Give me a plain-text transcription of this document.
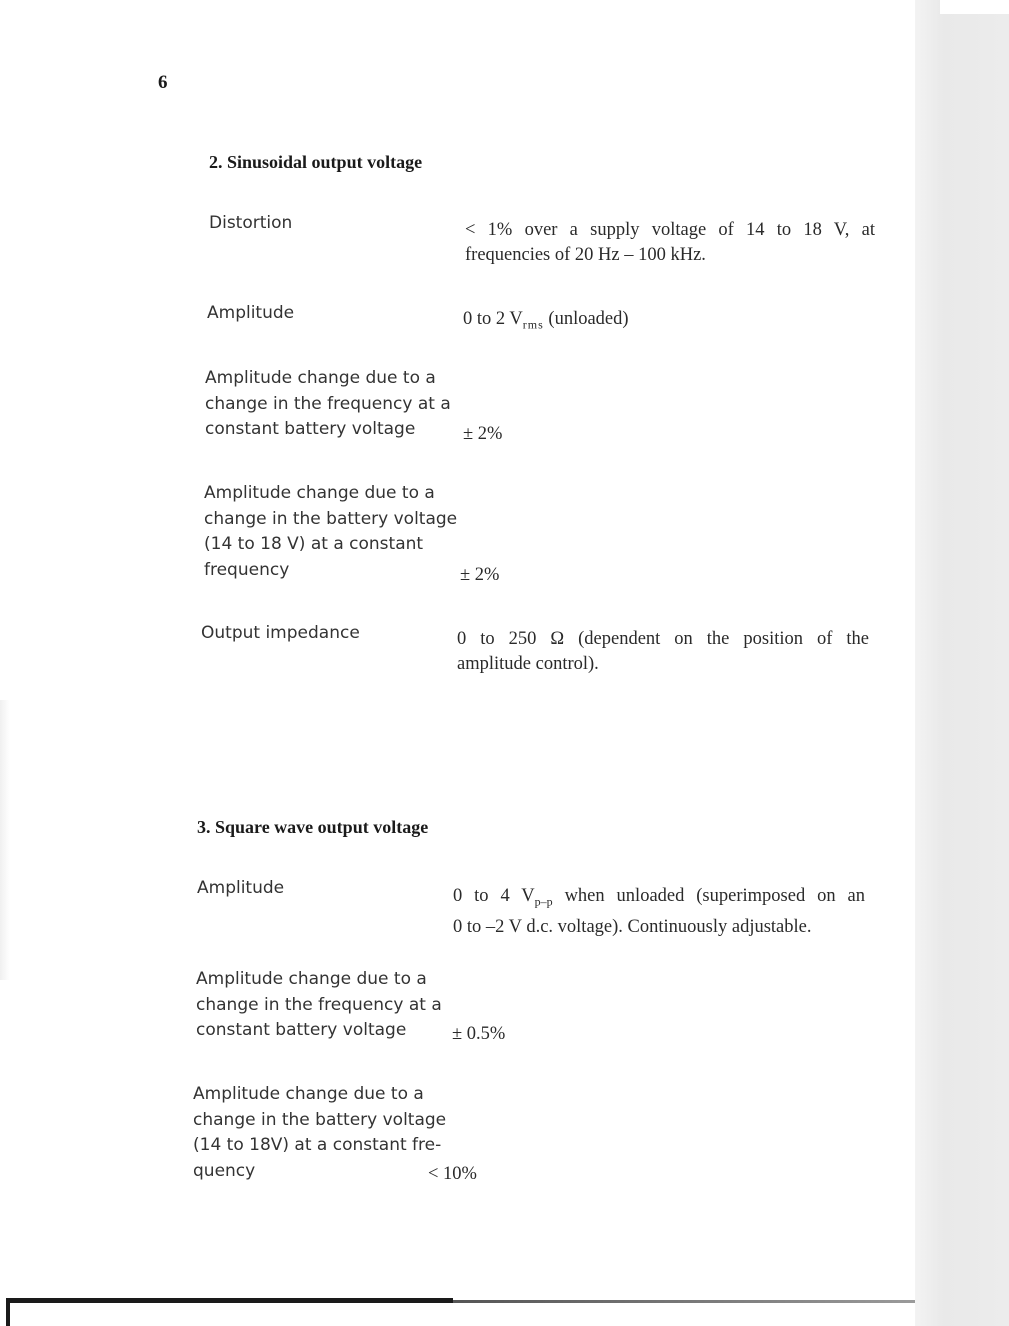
6
2. Sinusoidal output voltage
Distortion	< 1% over a supply voltage of 14 to 18 V, at
frequencies of 20 Hz – 100 kHz.
Amplitude	0 to 2 $V_{rms}$ (unloaded)
Amplitude change due to a
change in the frequency at a
constant battery voltage	± 2%
Amplitude change due to a
change in the battery voltage
(14 to 18 V) at a constant
frequency	± 2%
Output impedance	0 to 250 Ω (dependent on the position of the
amplitude control).
3. Square wave output voltage
Amplitude	0 to 4 $V_{p-p}$ when unloaded (superimposed on an
0 to –2 V d.c. voltage). Continuously adjustable.
Amplitude change due to a
change in the frequency at a
constant battery voltage	± 0.5%
Amplitude change due to a
change in the battery voltage
(14 to 18V) at a constant fre-
quency	< 10%
